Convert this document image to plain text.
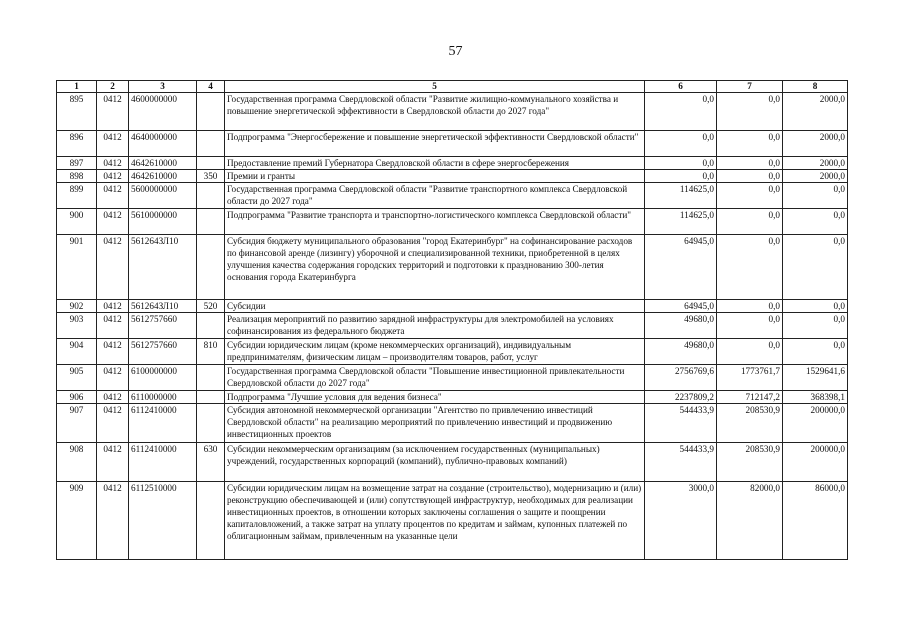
57
1	2	3	4	5	6	7	8
895	0412	4600000000		Государственная программа Свердловской области "Развитие жилищно-коммунального хозяйства и повышение энергетической эффективности в Свердловской области до 2027 года"	0,0	0,0	2000,0
896	0412	4640000000		Подпрограмма "Энергосбережение и повышение энергетической эффективности Свердловской области"	0,0	0,0	2000,0
897	0412	4642610000		Предоставление премий Губернатора Свердловской области в сфере энергосбережения	0,0	0,0	2000,0
898	0412	4642610000	350	Премии и гранты	0,0	0,0	2000,0
899	0412	5600000000		Государственная программа Свердловской области "Развитие транспортного комплекса Свердловской области до 2027 года"	114625,0	0,0	0,0
900	0412	5610000000		Подпрограмма "Развитие транспорта и транспортно-логистического комплекса Свердловской области"	114625,0	0,0	0,0
901	0412	561264ЗЛ10		Субсидия бюджету муниципального образования "город Екатеринбург" на софинансирование расходов по финансовой аренде (лизингу) уборочной и специализированной техники, приобретенной в целях улучшения качества содержания городских территорий и подготовки к празднованию 300-летия основания города Екатеринбурга	64945,0	0,0	0,0
902	0412	561264ЗЛ10	520	Субсидии	64945,0	0,0	0,0
903	0412	5612757660		Реализация мероприятий по развитию зарядной инфраструктуры для электромобилей на условиях софинансирования из федерального бюджета	49680,0	0,0	0,0
904	0412	5612757660	810	Субсидии юридическим лицам (кроме некоммерческих организаций), индивидуальным предпринимателям, физическим лицам – производителям товаров, работ, услуг	49680,0	0,0	0,0
905	0412	6100000000		Государственная программа Свердловской области "Повышение инвестиционной привлекательности Свердловской области до 2027 года"	2756769,6	1773761,7	1529641,6
906	0412	6110000000		Подпрограмма "Лучшие условия для ведения бизнеса"	2237809,2	712147,2	368398,1
907	0412	6112410000		Субсидия автономной некоммерческой организации "Агентство по привлечению инвестиций Свердловской области" на реализацию мероприятий по привлечению инвестиций и продвижению инвестиционных проектов	544433,9	208530,9	200000,0
908	0412	6112410000	630	Субсидии некоммерческим организациям (за исключением государственных (муниципальных) учреждений, государственных корпораций (компаний), публично-правовых компаний)	544433,9	208530,9	200000,0
909	0412	6112510000		Субсидии юридическим лицам на возмещение затрат на создание (строительство), модернизацию и (или) реконструкцию обеспечивающей и (или) сопутствующей инфраструктур, необходимых для реализации инвестиционных проектов, в отношении которых заключены соглашения о защите и поощрении капиталовложений, а также затрат на уплату процентов по кредитам и займам, купонных платежей по облигационным займам, привлеченным на указанные цели	3000,0	82000,0	86000,0
